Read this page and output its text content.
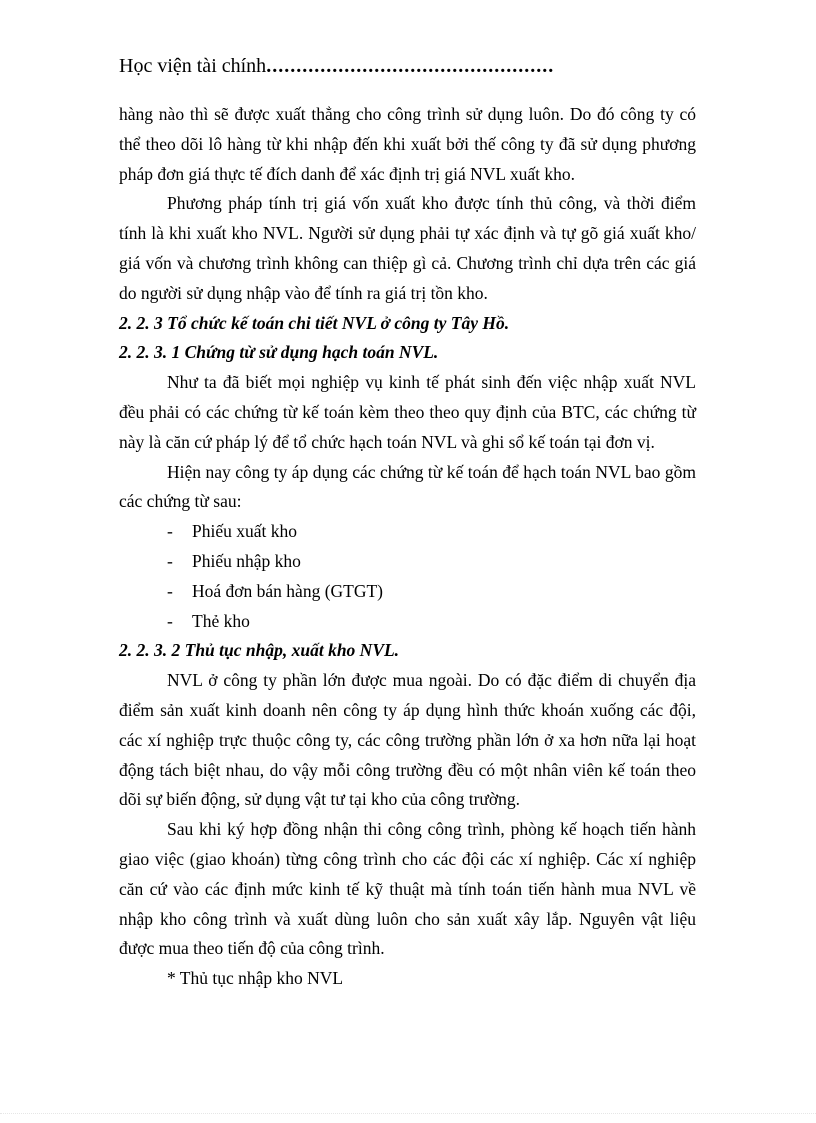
Học viện tài chính................................................

hàng nào thì sẽ được xuất thẳng cho công trình sử dụng luôn. Do đó công ty có thể theo dõi lô hàng từ khi nhập đến khi xuất bởi thế công ty đã sử dụng phương pháp đơn giá thực tế đích danh để xác định trị giá NVL xuất kho.

Phương pháp tính trị giá vốn xuất kho được tính thủ công, và thời điểm tính là khi xuất kho NVL. Người sử dụng phải tự xác định và tự gõ giá xuất kho/ giá vốn và chương trình không can thiệp gì cả. Chương trình chỉ dựa trên các giá do người sử dụng nhập vào để tính ra giá trị tồn kho.

2. 2. 3 Tổ chức kế toán chi tiết NVL ở công ty Tây Hồ.

2. 2. 3. 1 Chứng từ sử dụng hạch toán NVL.

Như ta đã biết mọi nghiệp vụ kinh tế phát sinh đến việc nhập xuất NVL đều phải có các chứng từ kế toán kèm theo theo quy định của BTC, các chứng từ này là căn cứ pháp lý để tổ chức hạch toán NVL và ghi sổ kế toán tại đơn vị.

Hiện nay công ty áp dụng các chứng từ kế toán để hạch toán NVL bao gồm các chứng từ sau:

- Phiếu xuất kho
- Phiếu nhập kho
- Hoá đơn bán hàng (GTGT)
- Thẻ kho

2. 2. 3. 2 Thủ tục nhập, xuất kho NVL.

NVL ở công ty phần lớn được mua ngoài. Do có đặc điểm di chuyển địa điểm sản xuất kinh doanh nên công ty áp dụng hình thức khoán xuống các đội, các xí nghiệp trực thuộc công ty, các công trường phần lớn ở xa hơn nữa lại hoạt động tách biệt nhau, do vậy mỗi công trường đều có một nhân viên kế toán theo dõi sự biến động, sử dụng vật tư tại kho của công trường.

Sau khi ký hợp đồng nhận thi công công trình, phòng kế hoạch tiến hành giao việc (giao khoán) từng công trình cho các đội các xí nghiệp. Các xí nghiệp căn cứ vào các định mức kinh tế kỹ thuật mà tính toán tiến hành mua NVL về nhập kho công trình và xuất dùng luôn cho sản xuất xây lắp. Nguyên vật liệu được mua theo tiến độ của công trình.

* Thủ tục nhập kho NVL
